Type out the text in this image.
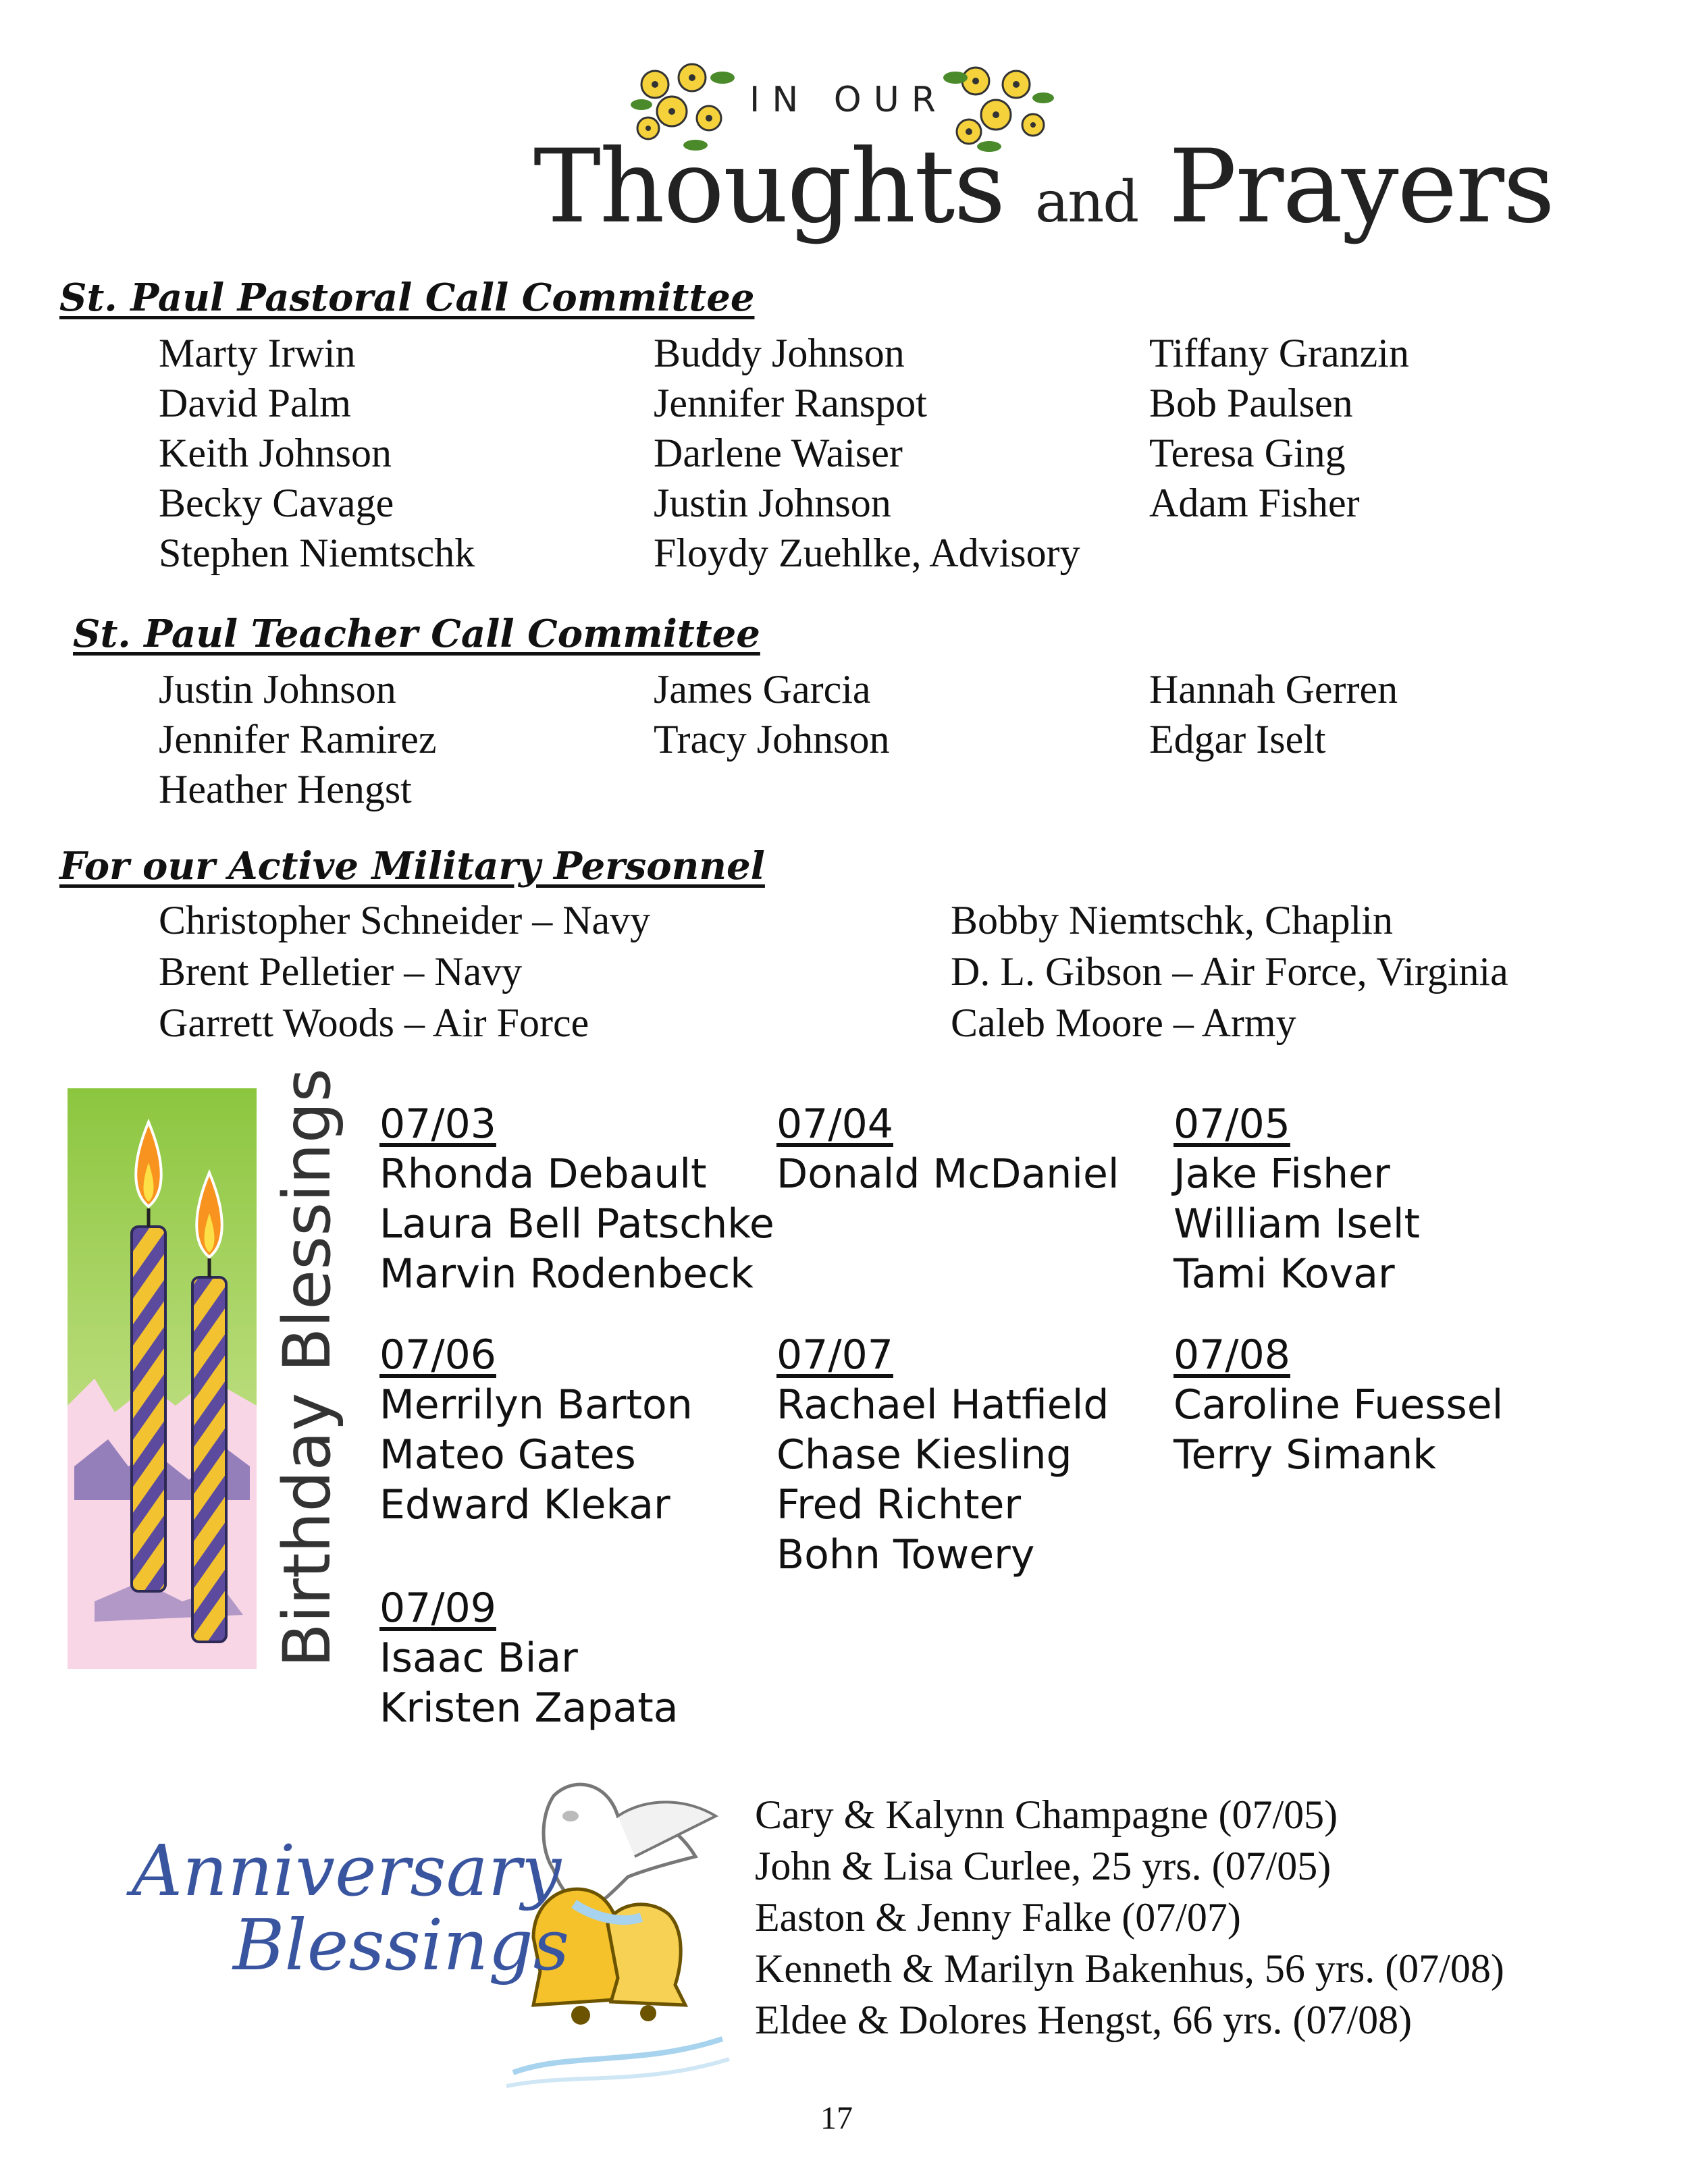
IN OUR
Thoughts and Prayers
St. Paul Pastoral Call Committee
Marty Irwin
David Palm
Keith Johnson
Becky Cavage
Stephen Niemtschk
Buddy Johnson
Jennifer Ranspot
Darlene Waiser
Justin Johnson
Floydy Zuehlke, Advisory
Tiffany Granzin
Bob Paulsen
Teresa Ging
Adam Fisher
St. Paul Teacher Call Committee
Justin Johnson
Jennifer Ramirez
Heather Hengst
James Garcia
Tracy Johnson
Hannah Gerren
Edgar Iselt
For our Active Military Personnel
Christopher Schneider – Navy
Brent Pelletier – Navy
Garrett Woods – Air Force
Bobby Niemtschk, Chaplin
D. L. Gibson – Air Force, Virginia
Caleb Moore – Army
Birthday Blessings 07/03
Rhonda Debault
Laura Bell Patschke
Marvin Rodenbeck
07/04
Donald McDaniel
07/05
Jake Fisher
William Iselt
Tami Kovar
07/06
Merrilyn Barton
Mateo Gates
Edward Klekar
07/07
Rachael Hatfield
Chase Kiesling
Fred Richter
Bohn Towery
07/08
Caroline Fuessel
Terry Simank
07/09
Isaac Biar
Kristen Zapata
Anniversary
Blessings
Cary & Kalynn Champagne (07/05)
John & Lisa Curlee, 25 yrs. (07/05)
Easton & Jenny Falke (07/07)
Kenneth & Marilyn Bakenhus, 56 yrs. (07/08)
Eldee & Dolores Hengst, 66 yrs. (07/08)
17
